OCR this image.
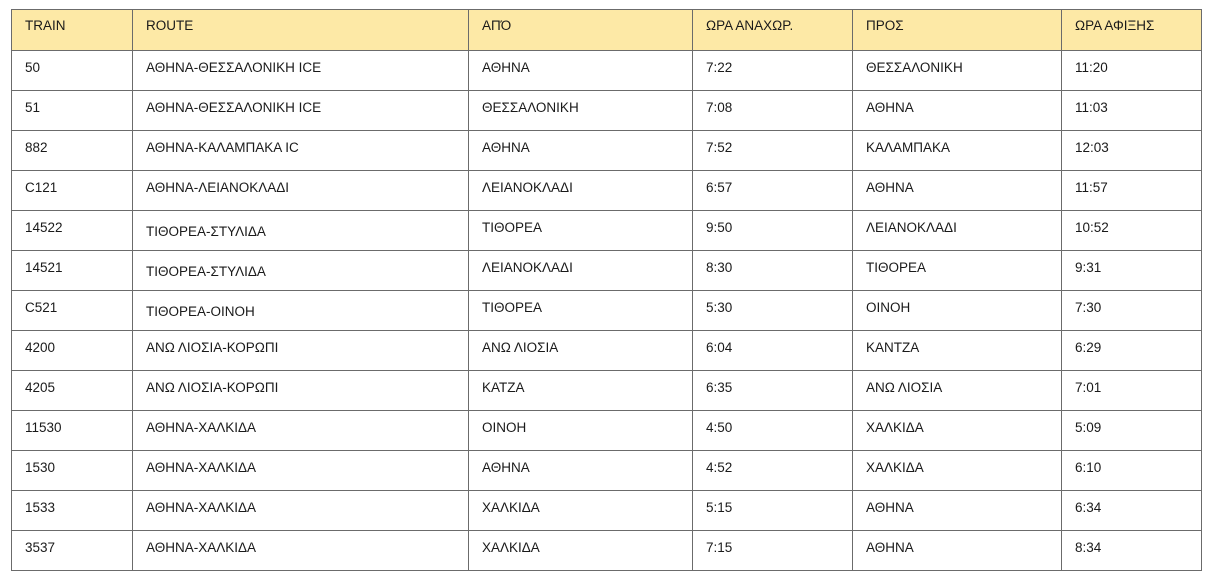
TRAIN	ROUTE	ΑΠΌ	ΩΡΑ ΑΝΑΧΩΡ.	ΠΡΟΣ	ΩΡΑ ΑΦΙΞΗΣ
50	ΑΘΗΝΑ-ΘΕΣΣΑΛΟΝΙΚΗ ICE	ΑΘΗΝΑ	7:22	ΘΕΣΣΑΛΟΝΙΚΗ	11:20
51	ΑΘΗΝΑ-ΘΕΣΣΑΛΟΝΙΚΗ ICE	ΘΕΣΣΑΛΟΝΙΚΗ	7:08	ΑΘΗΝΑ	11:03
882	ΑΘΗΝΑ-ΚΑΛΑΜΠΑΚΑ IC	ΑΘΗΝΑ	7:52	ΚΑΛΑΜΠΑΚΑ	12:03
C121	ΑΘΗΝΑ-ΛΕΙΑΝΟΚΛΑΔΙ	ΛΕΙΑΝΟΚΛΑΔΙ	6:57	ΑΘΗΝΑ	11:57
14522	ΤΙΘΟΡΕΑ-ΣΤΥΛΙΔΑ	ΤΙΘΟΡΕΑ	9:50	ΛΕΙΑΝΟΚΛΑΔΙ	10:52
14521	ΤΙΘΟΡΕΑ-ΣΤΥΛΙΔΑ	ΛΕΙΑΝΟΚΛΑΔΙ	8:30	ΤΙΘΟΡΕΑ	9:31
C521	ΤΙΘΟΡΕΑ-ΟΙΝΟΗ	ΤΙΘΟΡΕΑ	5:30	ΟΙΝΟΗ	7:30
4200	ΑΝΩ ΛΙΟΣΙΑ-ΚΟΡΩΠΙ	ΑΝΩ ΛΙΟΣΙΑ	6:04	ΚΑΝΤΖΑ	6:29
4205	ΑΝΩ ΛΙΟΣΙΑ-ΚΟΡΩΠΙ	ΚΑΤΖΑ	6:35	ΑΝΩ ΛΙΟΣΙΑ	7:01
11530	ΑΘΗΝΑ-ΧΑΛΚΙΔΑ	ΟΙΝΟΗ	4:50	ΧΑΛΚΙΔΑ	5:09
1530	ΑΘΗΝΑ-ΧΑΛΚΙΔΑ	ΑΘΗΝΑ	4:52	ΧΑΛΚΙΔΑ	6:10
1533	ΑΘΗΝΑ-ΧΑΛΚΙΔΑ	ΧΑΛΚΙΔΑ	5:15	ΑΘΗΝΑ	6:34
3537	ΑΘΗΝΑ-ΧΑΛΚΙΔΑ	ΧΑΛΚΙΔΑ	7:15	ΑΘΗΝΑ	8:34
